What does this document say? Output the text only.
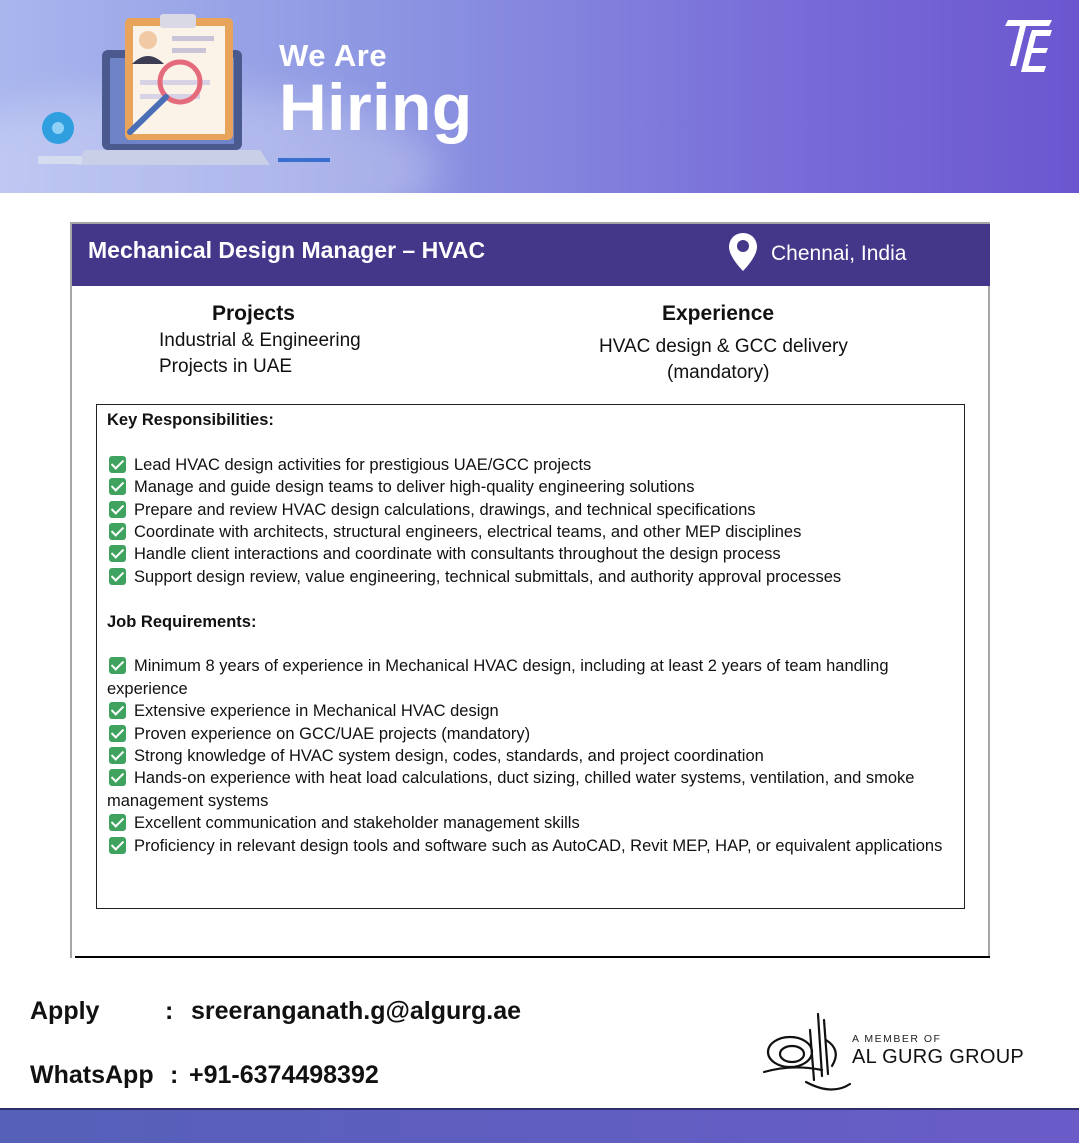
We Are
Hiring
Mechanical Design Manager – HVAC	Chennai, India
Projects
Industrial & Engineering
Projects in UAE
Experience
HVAC design & GCC delivery
(mandatory)
Key Responsibilities:
Lead HVAC design activities for prestigious UAE/GCC projects
Manage and guide design teams to deliver high-quality engineering solutions
Prepare and review HVAC design calculations, drawings, and technical specifications
Coordinate with architects, structural engineers, electrical teams, and other MEP disciplines
Handle client interactions and coordinate with consultants throughout the design process
Support design review, value engineering, technical submittals, and authority approval processes
Job Requirements:
Minimum 8 years of experience in Mechanical HVAC design, including at least 2 years of team handling experience
Extensive experience in Mechanical HVAC design
Proven experience on GCC/UAE projects (mandatory)
Strong knowledge of HVAC system design, codes, standards, and project coordination
Hands-on experience with heat load calculations, duct sizing, chilled water systems, ventilation, and smoke management systems
Excellent communication and stakeholder management skills
Proficiency in relevant design tools and software such as AutoCAD, Revit MEP, HAP, or equivalent applications
Apply	: sreeranganath.g@algurg.ae
WhatsApp : +91-6374498392
A MEMBER OF
AL GURG GROUP
